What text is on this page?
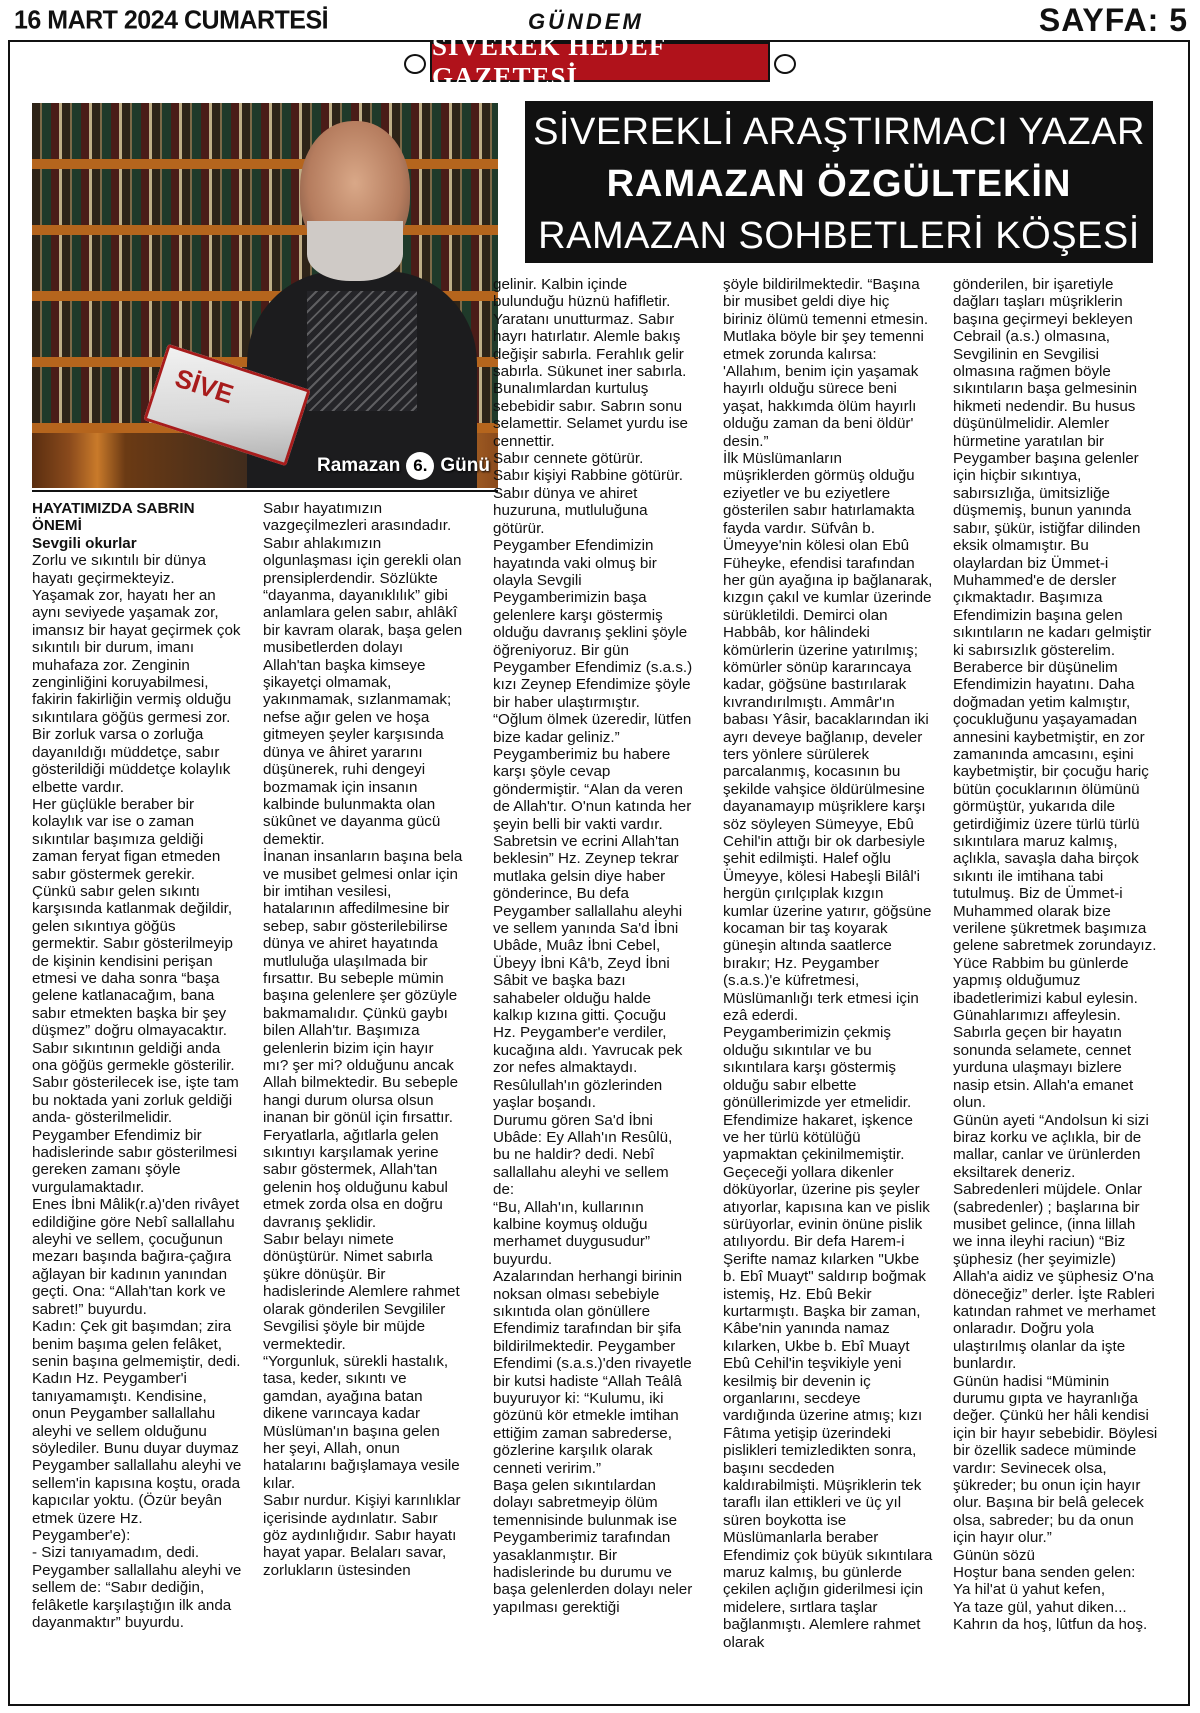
16 MART 2024 CUMARTESİ	GÜNDEM	SAYFA: 5
SİVEREK HEDEF GAZETESİ
SİVE
Ramazan 6. Günü
SİVEREKLİ ARAŞTIRMACI YAZAR
RAMAZAN ÖZGÜLTEKİN
RAMAZAN SOHBETLERİ KÖŞESİ

HAYATIMIZDA SABRIN ÖNEMİ

Sevgili okurlar

Zorlu ve sıkıntılı bir dünya hayatı geçirmekteyiz.
Yaşamak zor, hayatı her an aynı seviyede yaşamak zor, imansız bir hayat geçirmek çok sıkıntılı bir durum, imanı muhafaza zor. Zenginin zenginliğini koruyabilmesi, fakirin fakirliğin vermiş olduğu sıkıntılara göğüs germesi zor. Bir zorluk varsa o zorluğa dayanıldığı müddetçe, sabır gösterildiği müddetçe kolaylık elbette vardır.
Her güçlükle beraber bir kolaylık var ise o zaman sıkıntılar başımıza geldiği zaman feryat figan etmeden sabır göstermek gerekir. Çünkü sabır gelen sıkıntı karşısında katlanmak değildir, gelen sıkıntıya göğüs germektir. Sabır gösterilmeyip de kişinin kendisini perişan etmesi ve daha sonra “başa gelene katlanacağım, bana sabır etmekten başka bir şey düşmez” doğru olmayacaktır. Sabır sıkıntının geldiği anda ona göğüs germekle gösterilir. Sabır gösterilecek ise, işte tam bu noktada yani zorluk geldiği anda- gösterilmelidir. Peygamber Efendimiz bir hadislerinde sabır gösterilmesi gereken zamanı şöyle vurgulamaktadır.
Enes İbni Mâlik(r.a)'den rivâyet edildiğine göre Nebî sallallahu aleyhi ve sellem, çocuğunun mezarı başında bağıra-çağıra ağlayan bir kadının yanından geçti. Ona: “Allah'tan kork ve sabret!” buyurdu.
Kadın: Çek git başımdan; zira benim başıma gelen felâket, senin başına gelmemiştir, dedi.
Kadın Hz. Peygamber'i tanıyamamıştı. Kendisine, onun Peygamber sallallahu aleyhi ve sellem olduğunu söylediler. Bunu duyar duymaz Peygamber sallallahu aleyhi ve sellem'in kapısına koştu, orada kapıcılar yoktu. (Özür beyân etmek üzere Hz. Peygamber'e):
- Sizi tanıyamadım, dedi. Peygamber sallallahu aleyhi ve sellem de: “Sabır dediğin, felâketle karşılaştığın ilk anda dayanmaktır” buyurdu.

Sabır hayatımızın vazgeçilmezleri arasındadır. Sabır ahlakımızın olgunlaşması için gerekli olan prensiplerdendir. Sözlükte “dayanma, dayanıklılık” gibi anlamlara gelen sabır, ahlâkî bir kavram olarak, başa gelen musibetlerden dolayı Allah'tan başka kimseye şikayetçi olmamak, yakınmamak, sızlanmamak; nefse ağır gelen ve hoşa gitmeyen şeyler karşısında dünya ve âhiret yararını düşünerek, ruhi dengeyi bozmamak için insanın kalbinde bulunmakta olan sükûnet ve dayanma gücü demektir.
İnanan insanların başına bela ve musibet gelmesi onlar için bir imtihan vesilesi, hatalarının affedilmesine bir sebep, sabır gösterilebilirse dünya ve ahiret hayatında mutluluğa ulaşılmada bir fırsattır. Bu sebeple mümin başına gelenlere şer gözüyle bakmamalıdır. Çünkü gaybı bilen Allah'tır. Başımıza gelenlerin bizim için hayır mı? şer mi? olduğunu ancak Allah bilmektedir. Bu sebeple hangi durum olursa olsun inanan bir gönül için fırsattır. Feryatlarla, ağıtlarla gelen sıkıntıyı karşılamak yerine sabır göstermek, Allah'tan gelenin hoş olduğunu kabul etmek zorda olsa en doğru davranış şeklidir.
Sabır belayı nimete dönüştürür. Nimet sabırla şükre dönüşür. Bir hadislerinde Alemlere rahmet olarak gönderilen Sevgililer Sevgilisi şöyle bir müjde vermektedir.
“Yorgunluk, sürekli hastalık, tasa, keder, sıkıntı ve gamdan, ayağına batan dikene varıncaya kadar Müslüman'ın başına gelen her şeyi, Allah, onun hatalarını bağışlamaya vesile kılar.
Sabır nurdur. Kişiyi karınlıklar içerisinde aydınlatır. Sabır göz aydınlığıdır. Sabır hayatı hayat yapar. Belaları savar, zorlukların üstesinden

gelinir. Kalbin içinde bulunduğu hüznü hafifletir. Yaratanı unutturmaz. Sabır hayrı hatırlatır. Alemle bakış değişir sabırla. Ferahlık gelir sabırla. Sükunet iner sabırla.
Bunalımlardan kurtuluş sebebidir sabır. Sabrın sonu selamettir. Selamet yurdu ise cennettir.
Sabır cennete götürür.
Sabır kişiyi Rabbine götürür. Sabır dünya ve ahiret huzuruna, mutluluğuna götürür.
Peygamber Efendimizin hayatında vaki olmuş bir olayla Sevgili Peygamberimizin başa gelenlere karşı göstermiş olduğu davranış şeklini şöyle öğreniyoruz. Bir gün Peygamber Efendimiz (s.a.s.) kızı Zeynep Efendimize şöyle bir haber ulaştırmıştır. “Oğlum ölmek üzeredir, lütfen bize kadar geliniz.” Peygamberimiz bu habere karşı şöyle cevap göndermiştir. “Alan da veren de Allah'tır. O'nun katında her şeyin belli bir vakti vardır. Sabretsin ve ecrini Allah'tan beklesin” Hz. Zeynep tekrar mutlaka gelsin diye haber gönderince, Bu defa Peygamber sallallahu aleyhi ve sellem yanında Sa'd İbni Ubâde, Muâz İbni Cebel, Übeyy İbni Kâ'b, Zeyd İbni Sâbit ve başka bazı sahabeler olduğu halde kalkıp kızına gitti. Çocuğu Hz. Peygamber'e verdiler, kucağına aldı. Yavrucak pek zor nefes almaktaydı. Resûlullah'ın gözlerinden yaşlar boşandı.
Durumu gören Sa'd İbni Ubâde: Ey Allah'ın Resûlü, bu ne haldir? dedi. Nebî sallallahu aleyhi ve sellem de:
“Bu, Allah'ın, kullarının kalbine koymuş olduğu merhamet duygusudur” buyurdu.
Azalarından herhangi birinin noksan olması sebebiyle sıkıntıda olan gönüllere Efendimiz tarafından bir şifa bildirilmektedir. Peygamber Efendimi (s.a.s.)'den rivayetle bir kutsi hadiste “Allah Teâlâ buyuruyor ki: “Kulumu, iki gözünü kör etmekle imtihan ettiğim zaman sabrederse, gözlerine karşılık olarak cenneti veririm.”
Başa gelen sıkıntılardan dolayı sabretmeyip ölüm temennisinde bulunmak ise Peygamberimiz tarafından yasaklanmıştır. Bir hadislerinde bu durumu ve başa gelenlerden dolayı neler yapılması gerektiği

şöyle bildirilmektedir. “Başına bir musibet geldi diye hiç biriniz ölümü temenni etmesin. Mutlaka böyle bir şey temenni etmek zorunda kalırsa: 'Allahım, benim için yaşamak hayırlı olduğu sürece beni yaşat, hakkımda ölüm hayırlı olduğu zaman da beni öldür' desin.”
İlk Müslümanların müşriklerden görmüş olduğu eziyetler ve bu eziyetlere gösterilen sabır hatırlamakta fayda vardır. Süfvân b. Ümeyye'nin kölesi olan Ebû Füheyke, efendisi tarafından her gün ayağına ip bağlanarak, kızgın çakıl ve kumlar üzerinde sürükletildi. Demirci olan Habbâb, kor hâlindeki kömürlerin üzerine yatırılmış; kömürler sönüp kararıncaya kadar, göğsüne bastırılarak kıvrandırılmıştı. Ammâr'ın babası Yâsir, bacaklarından iki ayrı deveye bağlanıp, develer ters yönlere sürülerek parcalanmış, kocasının bu şekilde vahşice öldürülmesine dayanamayıp müşriklere karşı söz söyleyen Sümeyye, Ebû Cehil'in attığı bir ok darbesiyle şehit edilmişti. Halef oğlu Ümeyye, kölesi Habeşli Bilâl'i hergün çırılçıplak kızgın kumlar üzerine yatırır, göğsüne kocaman bir taş koyarak güneşin altında saatlerce bırakır; Hz. Peygamber (s.a.s.)'e küfretmesi, Müslümanlığı terk etmesi için ezâ ederdi.
Peygamberimizin çekmiş olduğu sıkıntılar ve bu sıkıntılara karşı göstermiş olduğu sabır elbette gönüllerimizde yer etmelidir. Efendimize hakaret, işkence ve her türlü kötülüğü yapmaktan çekinilmemiştir. Geçeceği yollara dikenler döküyorlar, üzerine pis şeyler atıyorlar, kapısına kan ve pislik sürüyorlar, evinin önüne pislik atılıyordu. Bir defa Harem-i Şerifte namaz kılarken "Ukbe b. Ebî Muayt" saldırıp boğmak istemiş, Hz. Ebû Bekir kurtarmıştı. Başka bir zaman, Kâbe'nin yanında namaz kılarken, Ukbe b. Ebî Muayt Ebû Cehil'in teşvikiyle yeni kesilmiş bir devenin iç organlarını, secdeye vardığında üzerine atmış; kızı Fâtıma yetişip üzerindeki pislikleri temizledikten sonra, başını secdeden kaldırabilmişti. Müşriklerin tek taraflı ilan ettikleri ve üç yıl süren boykotta ise Müslümanlarla beraber Efendimiz çok büyük sıkıntılara maruz kalmış, bu günlerde çekilen açlığın giderilmesi için midelere, sırtlara taşlar bağlanmıştı. Alemlere rahmet olarak

gönderilen, bir işaretiyle dağları taşları müşriklerin başına geçirmeyi bekleyen Cebrail (a.s.) olmasına, Sevgilinin en Sevgilisi olmasına rağmen böyle sıkıntıların başa gelmesinin hikmeti nedendir. Bu husus düşünülmelidir. Alemler hürmetine yaratılan bir Peygamber başına gelenler için hiçbir sıkıntıya, sabırsızlığa, ümitsizliğe düşmemiş, bunun yanında sabır, şükür, istiğfar dilinden eksik olmamıştır. Bu olaylardan biz Ümmet-i Muhammed'e de dersler çıkmaktadır. Başımıza Efendimizin başına gelen sıkıntıların ne kadarı gelmiştir ki sabırsızlık gösterelim. Beraberce bir düşünelim Efendimizin hayatını. Daha doğmadan yetim kalmıştır, çocukluğunu yaşayamadan annesini kaybetmiştir, en zor zamanında amcasını, eşini kaybetmiştir, bir çocuğu hariç bütün çocuklarının ölümünü görmüştür, yukarıda dile getirdiğimiz üzere türlü türlü sıkıntılara maruz kalmış, açlıkla, savaşla daha birçok sıkıntı ile imtihana tabi tutulmuş. Biz de Ümmet-i Muhammed olarak bize verilene şükretmek başımıza gelene sabretmek zorundayız. Yüce Rabbim bu günlerde yapmış olduğumuz ibadetlerimizi kabul eylesin. Günahlarımızı affeylesin. Sabırla geçen bir hayatın sonunda selamete, cennet yurduna ulaşmayı bizlere nasip etsin. Allah'a emanet olun.
Günün ayeti “Andolsun ki sizi biraz korku ve açlıkla, bir de mallar, canlar ve ürünlerden eksiltarek deneriz. Sabredenleri müjdele. Onlar (sabredenler) ; başlarına bir musibet gelince, (inna lillah we inna ileyhi raciun) “Biz şüphesiz (her şeyimizle) Allah'a aidiz ve şüphesiz O'na döneceğiz” derler. İşte Rableri katından rahmet ve merhamet onlaradır. Doğru yola ulaştırılmış olanlar da işte bunlardır.
Günün hadisi “Müminin durumu gıpta ve hayranlığa değer. Çünkü her hâli kendisi için bir hayır sebebidir. Böylesi bir özellik sadece müminde vardır: Sevinecek olsa, şükreder; bu onun için hayır olur. Başına bir belâ gelecek olsa, sabreder; bu da onun için hayır olur.”
Günün sözü
Hoştur bana senden gelen:
Ya hil'at ü yahut kefen,
Ya taze gül, yahut diken...
Kahrın da hoş, lûtfun da hoş.
